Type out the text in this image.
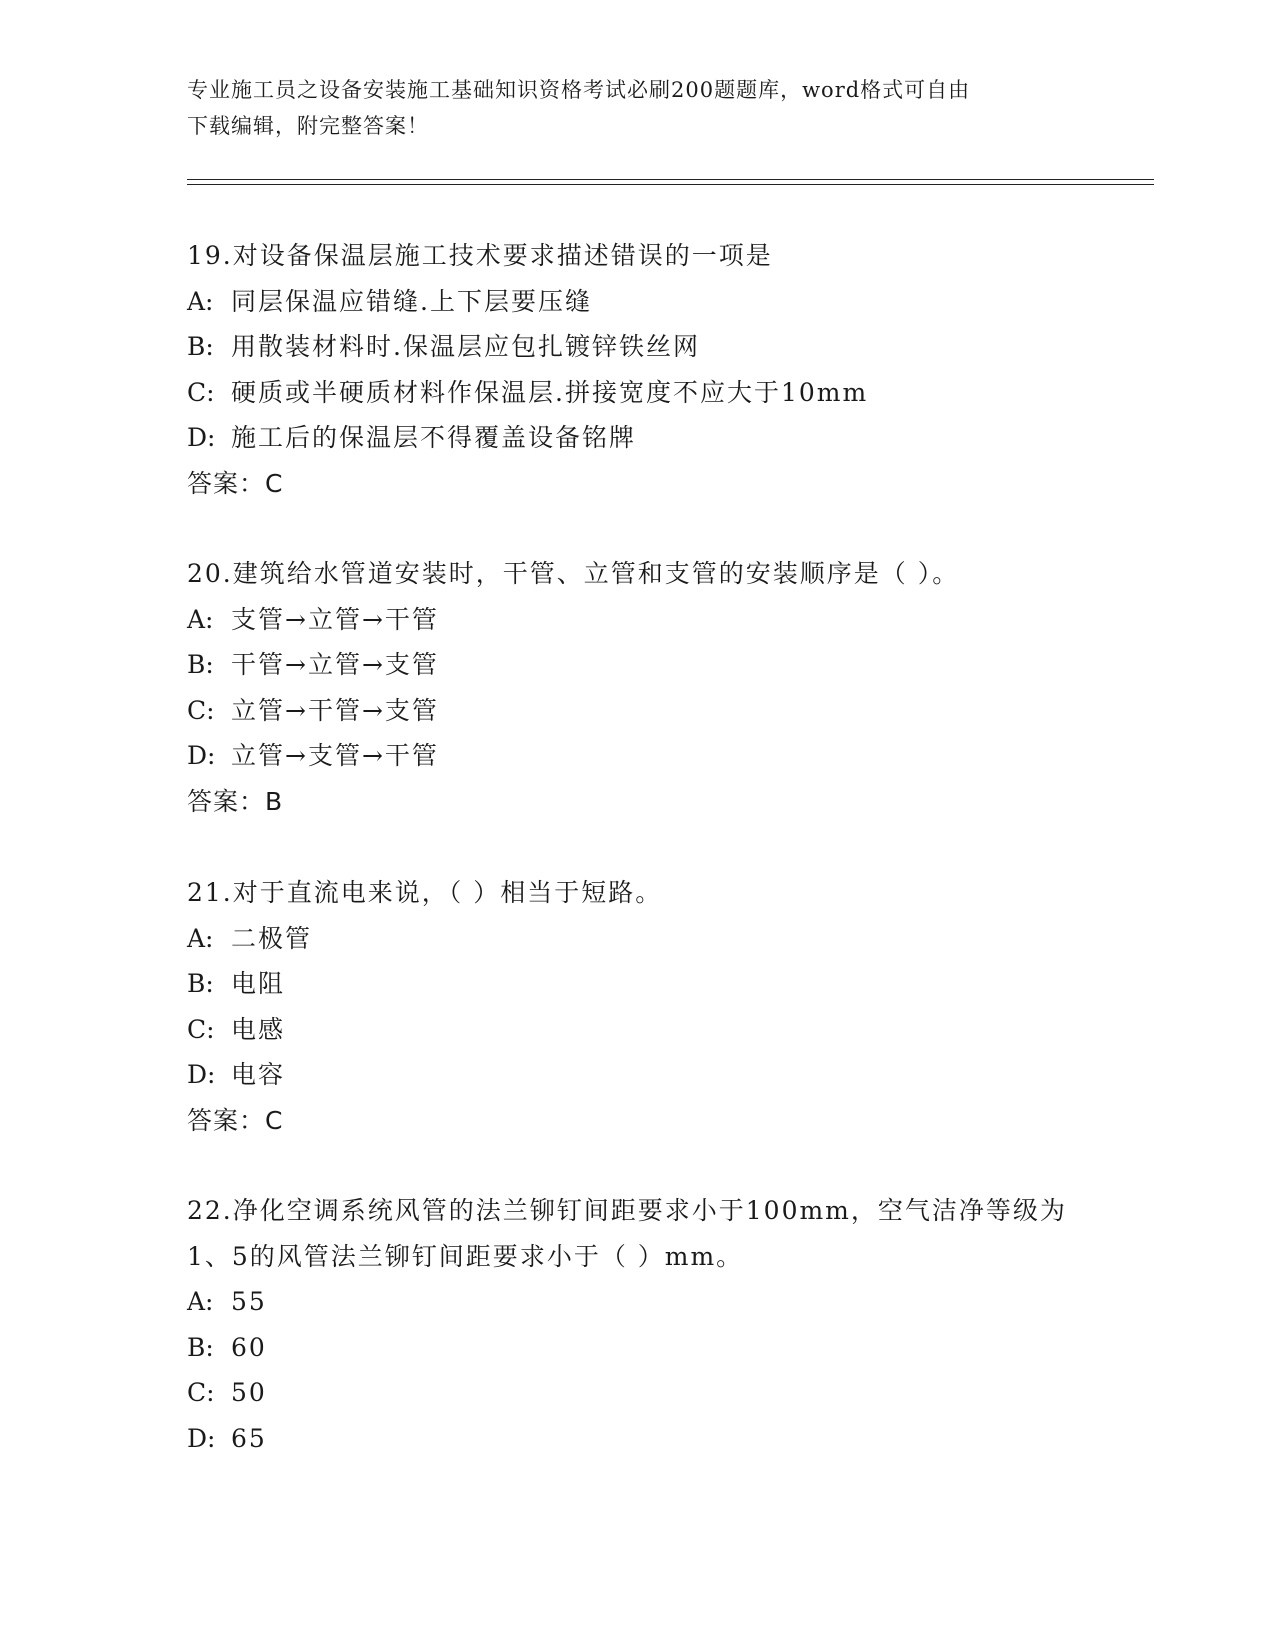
专业施工员之设备安装施工基础知识资格考试必刷200题题库，word格式可自由
下载编辑，附完整答案！
19.对设备保温层施工技术要求描述错误的一项是
A: 同层保温应错缝.上下层要压缝
B: 用散装材料时.保温层应包扎镀锌铁丝网
C: 硬质或半硬质材料作保温层.拼接宽度不应大于10mm
D: 施工后的保温层不得覆盖设备铭牌
答案：C
20.建筑给水管道安装时，干管、立管和支管的安装顺序是（ ）。
A: 支管→立管→干管
B: 干管→立管→支管
C: 立管→干管→支管
D: 立管→支管→干管
答案：B
21.对于直流电来说，（ ）相当于短路。
A: 二极管
B: 电阻
C: 电感
D: 电容
答案：C
22.净化空调系统风管的法兰铆钉间距要求小于100mm，空气洁净等级为1、5的风管法兰铆钉间距要求小于（ ）mm。
A: 55
B: 60
C: 50
D: 65
